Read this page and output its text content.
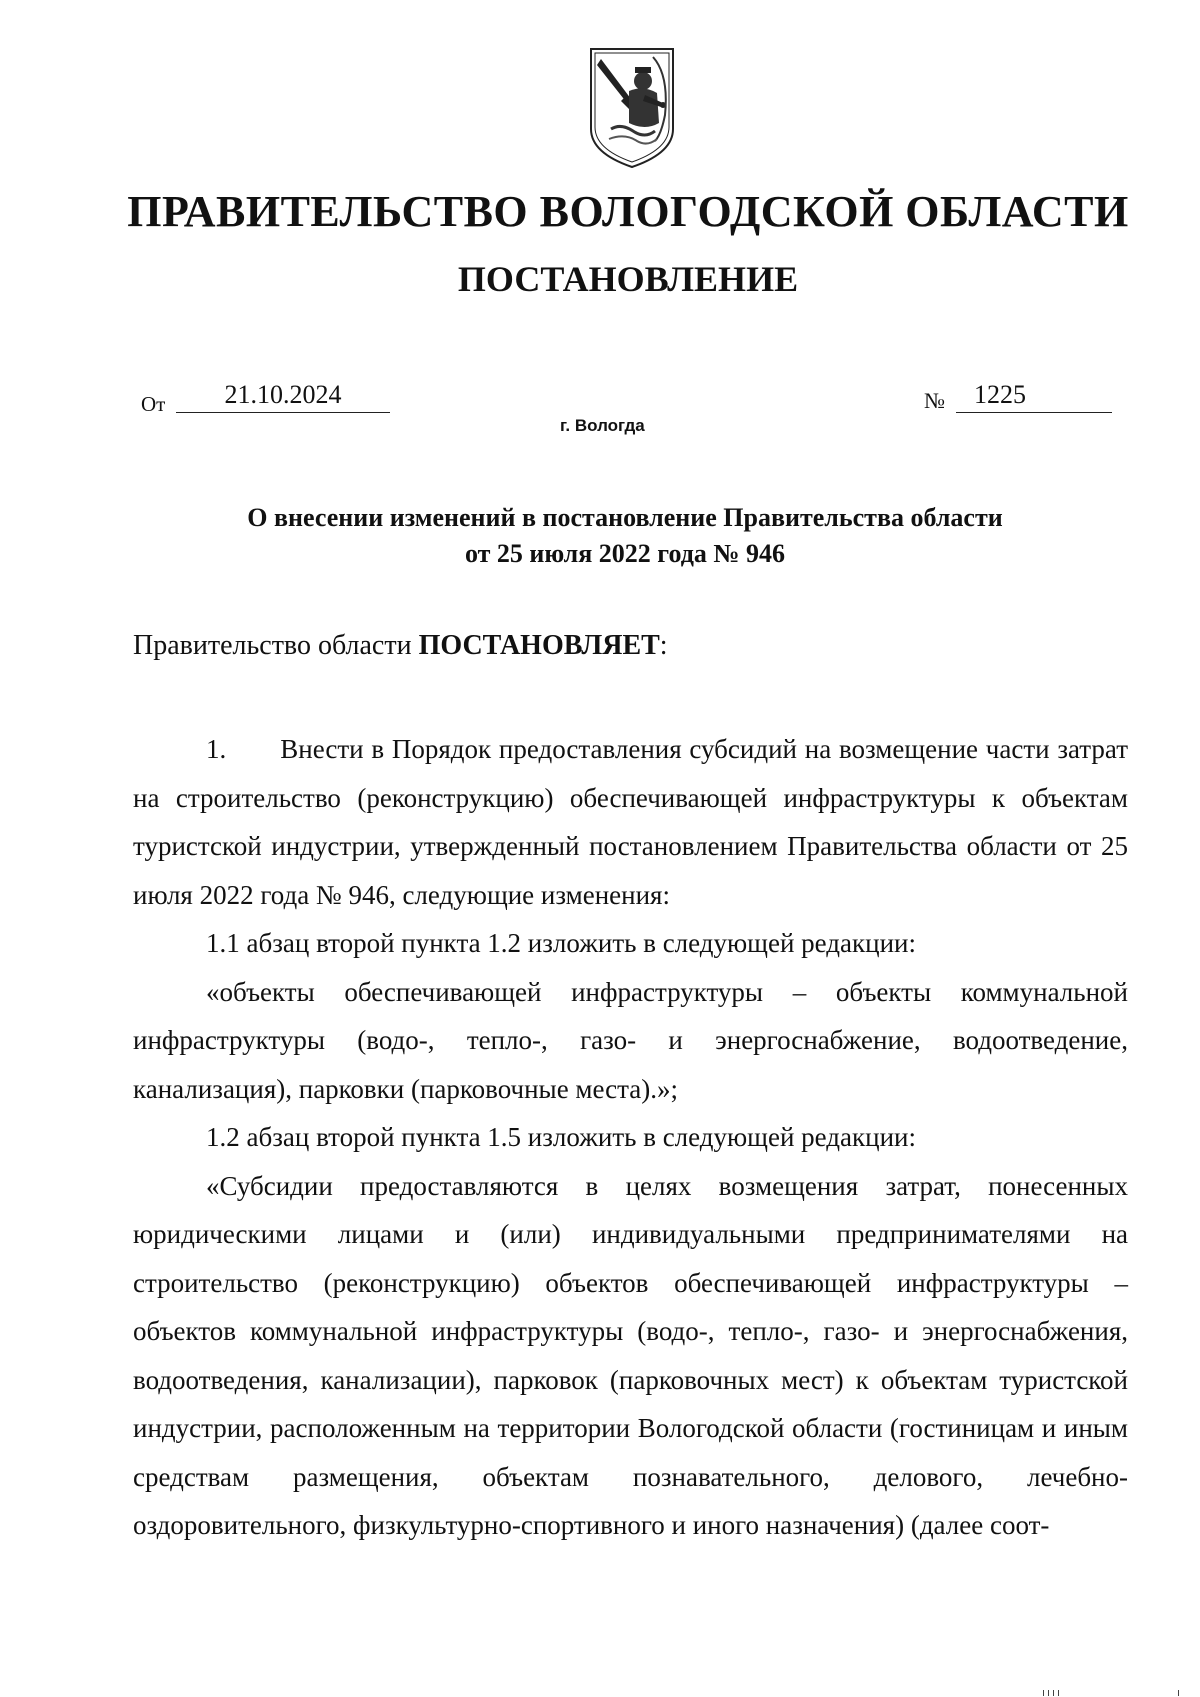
ПРАВИТЕЛЬСТВО ВОЛОГОДСКОЙ ОБЛАСТИ
ПОСТАНОВЛЕНИЕ
От	21.10.2024	№	1225
г. Вологда
О внесении изменений в постановление Правительства области
от 25 июля 2022 года № 946
Правительство области ПОСТАНОВЛЯЕТ:

1.  Внести в Порядок предоставления субсидий на возмещение части затрат на строительство (реконструкцию) обеспечивающей инфраструктуры к объектам туристской индустрии, утвержденный постановлением Правительства области от 25 июля 2022 года № 946, следующие изменения:

1.1 абзац второй пункта 1.2 изложить в следующей редакции:

«объекты обеспечивающей инфраструктуры – объекты коммунальной инфраструктуры (водо-, тепло-, газо- и энергоснабжение, водоотведение, канализация), парковки (парковочные места).»;

1.2 абзац второй пункта 1.5 изложить в следующей редакции:

«Субсидии предоставляются в целях возмещения затрат, понесенных юридическими лицами и (или) индивидуальными предпринимателями на строительство (реконструкцию) объектов обеспечивающей инфраструктуры – объектов коммунальной инфраструктуры (водо-, тепло-, газо- и энергоснабжения, водоотведения, канализации), парковок (парковочных мест) к объектам туристской индустрии, расположенным на территории Вологодской области (гостиницам и иным средствам размещения, объектам познавательного, делового, лечебно-оздоровительного, физкультурно-спортивного и иного назначения) (далее соот-
